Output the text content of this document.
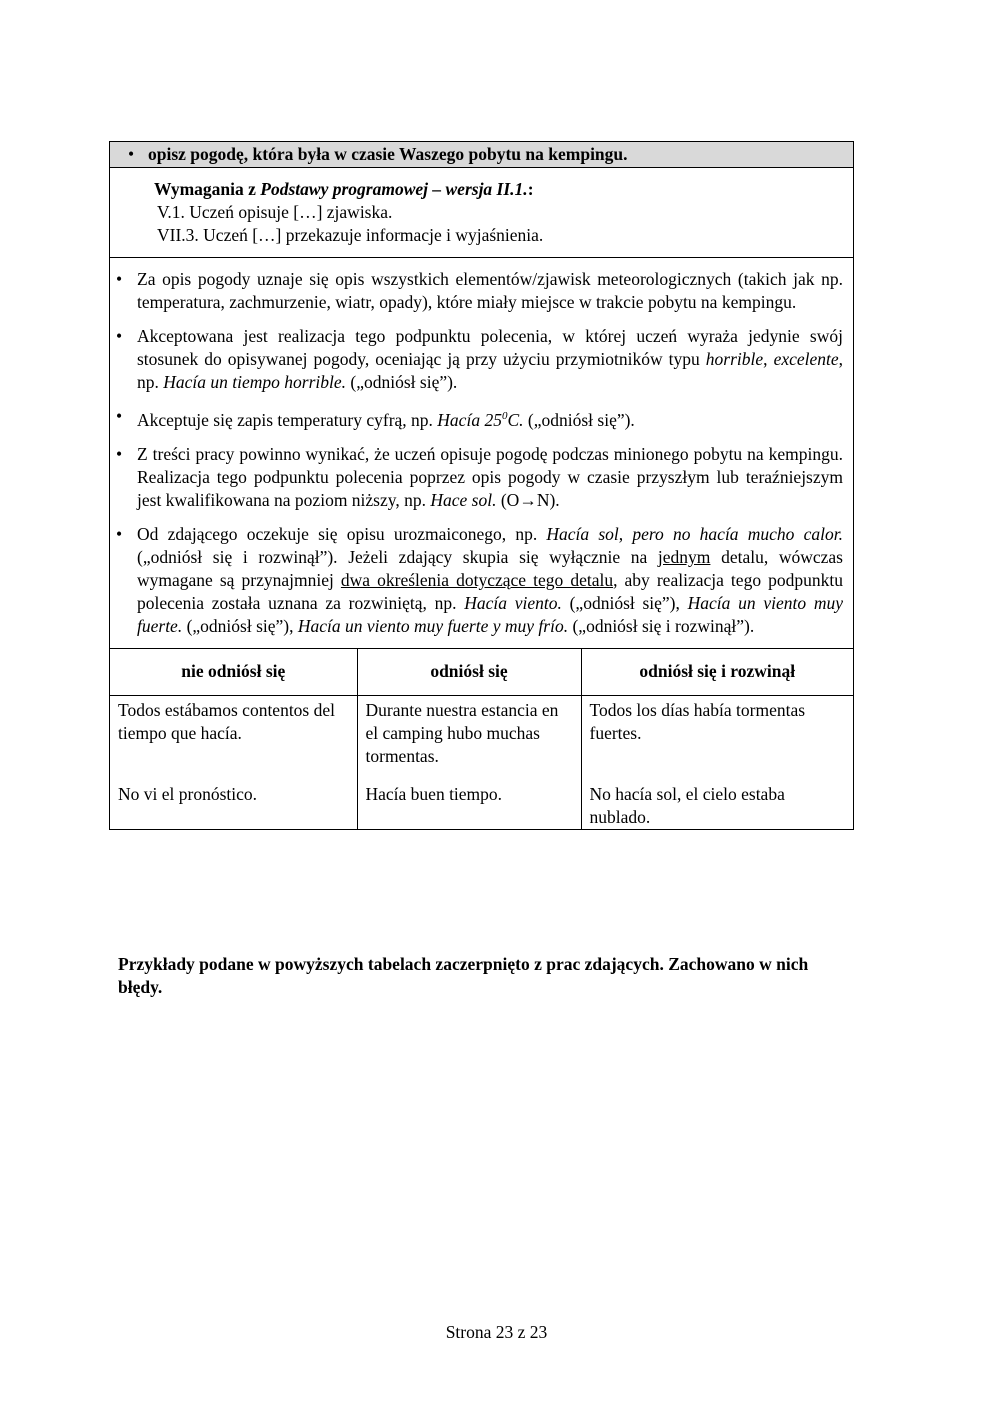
• opisz pogodę, która była w czasie Waszego pobytu na kempingu.
Wymagania z Podstawy programowej – wersja II.1.:
V.1. Uczeń opisuje […] zjawiska.
VII.3. Uczeń […] przekazuje informacje i wyjaśnienia.
• Za opis pogody uznaje się opis wszystkich elementów/zjawisk meteorologicznych (takich jak np. temperatura, zachmurzenie, wiatr, opady), które miały miejsce w trakcie pobytu na kempingu.
• Akceptowana jest realizacja tego podpunktu polecenia, w której uczeń wyraża jedynie swój stosunek do opisywanej pogody, oceniając ją przy użyciu przymiotników typu horrible, excelente, np. Hacía un tiempo horrible. („odniósł się”).
• Akceptuje się zapis temperatury cyfrą, np. Hacía $25^0C$. („odniósł się”).
• Z treści pracy powinno wynikać, że uczeń opisuje pogodę podczas minionego pobytu na kempingu. Realizacja tego podpunktu polecenia poprzez opis pogody w czasie przyszłym lub teraźniejszym jest kwalifikowana na poziom niższy, np. Hace sol. (O→N).
• Od zdającego oczekuje się opisu urozmaiconego, np. Hacía sol, pero no hacía mucho calor. („odniósł się i rozwinął”). Jeżeli zdający skupia się wyłącznie na jednym detalu, wówczas wymagane są przynajmniej dwa określenia dotyczące tego detalu, aby realizacja tego podpunktu polecenia została uznana za rozwiniętą, np. Hacía viento. („odniósł się”), Hacía un viento muy fuerte. („odniósł się”), Hacía un viento muy fuerte y muy frío. („odniósł się i rozwinął”).
nie odniósł się	odniósł się	odniósł się i rozwinął
Todos estábamos contentos del tiempo que hacía.	Durante nuestra estancia en el camping hubo muchas tormentas.	Todos los días había tormentas fuertes.
No vi el pronóstico.	Hacía buen tiempo.	No hacía sol, el cielo estaba nublado.
Przykłady podane w powyższych tabelach zaczerpnięto z prac zdających. Zachowano w nich błędy.
Strona 23 z 23
